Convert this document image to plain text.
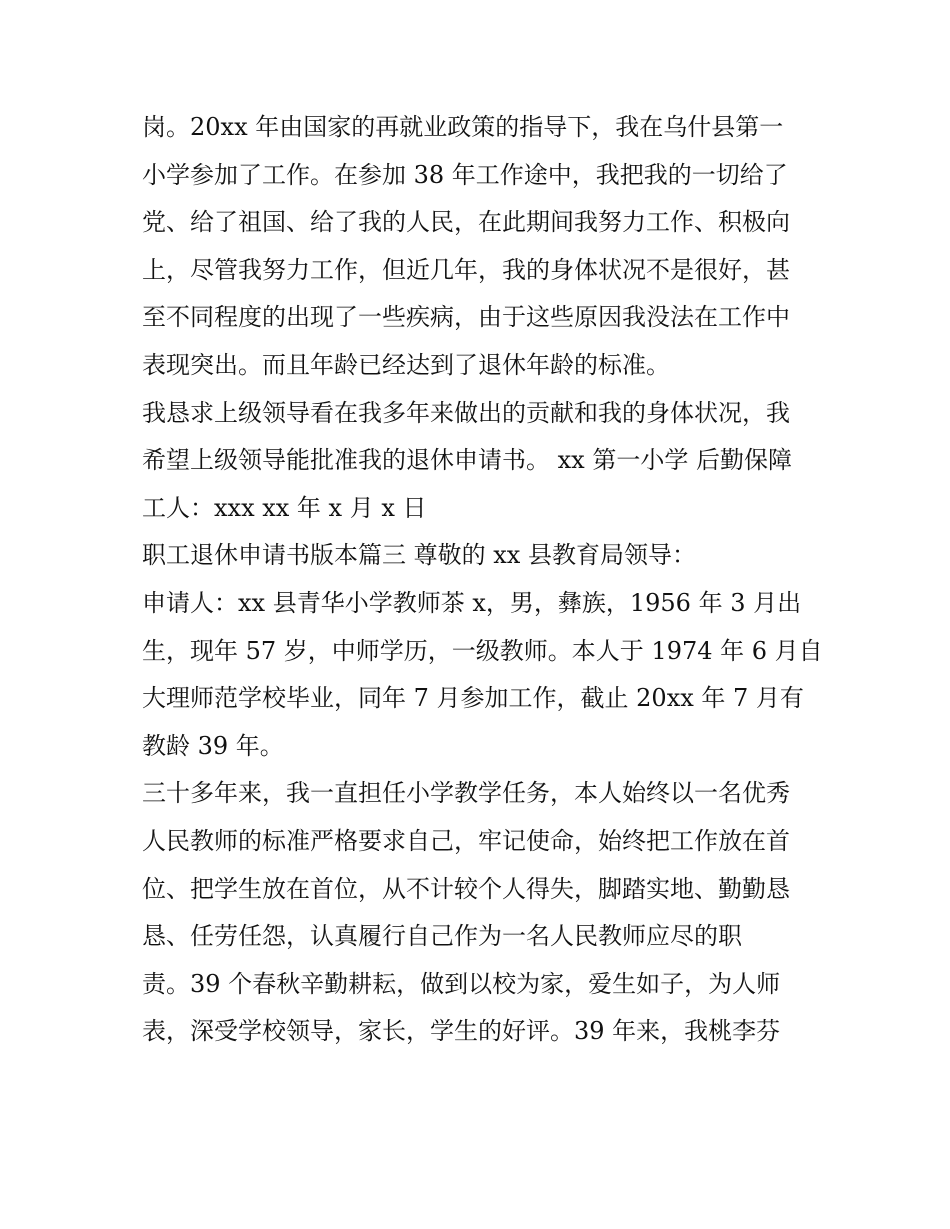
岗。20xx 年由国家的再就业政策的指导下，我在乌什县第一

小学参加了工作。在参加 38 年工作途中，我把我的一切给了

党、给了祖国、给了我的人民，在此期间我努力工作、积极向

上，尽管我努力工作，但近几年，我的身体状况不是很好，甚

至不同程度的出现了一些疾病，由于这些原因我没法在工作中

表现突出。而且年龄已经达到了退休年龄的标准。

我恳求上级领导看在我多年来做出的贡献和我的身体状况，我

希望上级领导能批准我的退休申请书。 xx 第一小学 后勤保障

工人：xxx xx 年 x 月 x 日

职工退休申请书版本篇三 尊敬的 xx 县教育局领导：

申请人：xx 县青华小学教师茶 x，男，彝族，1956 年 3 月出

生，现年 57 岁，中师学历，一级教师。本人于 1974 年 6 月自

大理师范学校毕业，同年 7 月参加工作，截止 20xx 年 7 月有

教龄 39 年。

三十多年来，我一直担任小学教学任务，本人始终以一名优秀

人民教师的标准严格要求自己，牢记使命，始终把工作放在首

位、把学生放在首位，从不计较个人得失，脚踏实地、勤勤恳

恳、任劳任怨，认真履行自己作为一名人民教师应尽的职

责。39 个春秋辛勤耕耘，做到以校为家，爱生如子，为人师

表，深受学校领导，家长，学生的好评。39 年来，我桃李芬
